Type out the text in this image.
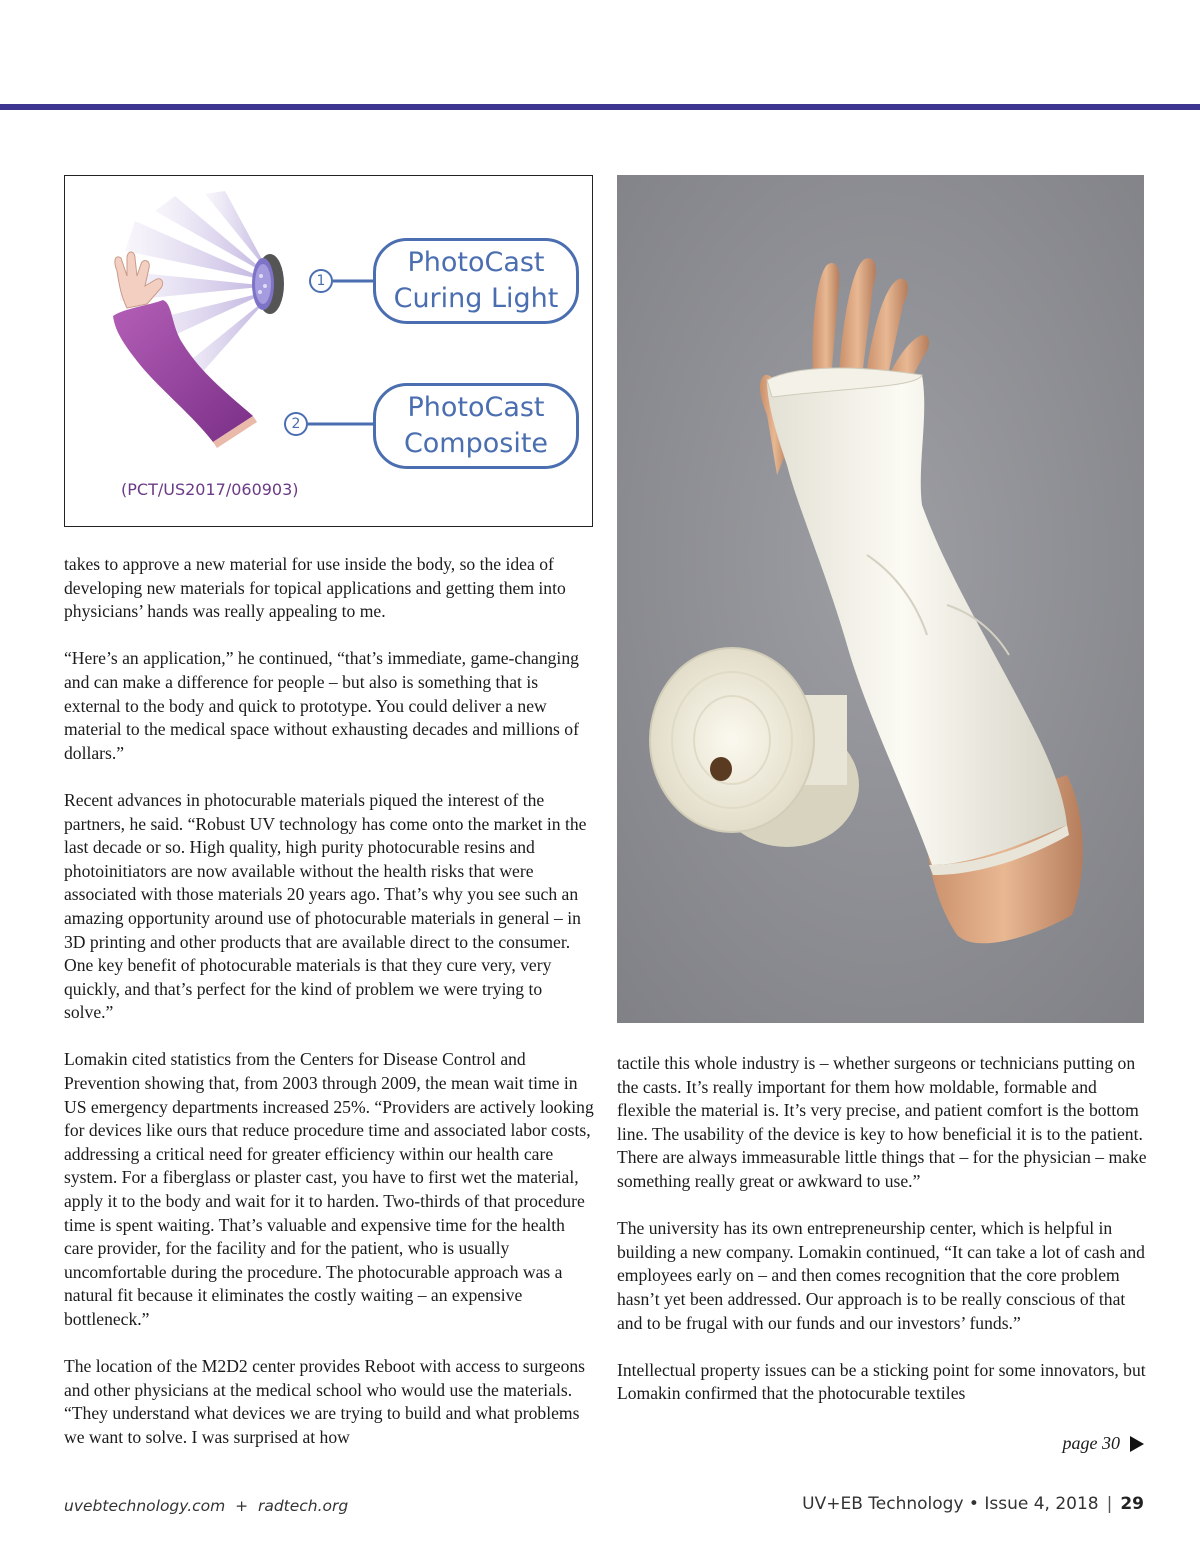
1
2
PhotoCast
Curing Light
PhotoCast
Composite
(PCT/US2017/060903)

takes to approve a new material for use inside the body, so the idea of developing new materials for topical applications and getting them into physicians’ hands was really appealing to me.

“Here’s an application,” he continued, “that’s immediate, game-changing and can make a difference for people – but also is something that is external to the body and quick to prototype. You could deliver a new material to the medical space without exhausting decades and millions of dollars.”

Recent advances in photocurable materials piqued the interest of the partners, he said. “Robust UV technology has come onto the market in the last decade or so. High quality, high purity photocurable resins and photoinitiators are now available without the health risks that were associated with those materials 20 years ago. That’s why you see such an amazing opportunity around use of photocurable materials in general – in 3D printing and other products that are available direct to the consumer. One key benefit of photocurable materials is that they cure very, very quickly, and that’s perfect for the kind of problem we were trying to solve.”

Lomakin cited statistics from the Centers for Disease Control and Prevention showing that, from 2003 through 2009, the mean wait time in US emergency departments increased 25%. “Providers are actively looking for devices like ours that reduce procedure time and associated labor costs, addressing a critical need for greater efficiency within our health care system. For a fiberglass or plaster cast, you have to first wet the material, apply it to the body and wait for it to harden. Two-thirds of that procedure time is spent waiting. That’s valuable and expensive time for the health care provider, for the facility and for the patient, who is usually uncomfortable during the procedure. The photocurable approach was a natural fit because it eliminates the costly waiting – an expensive bottleneck.”

The location of the M2D2 center provides Reboot with access to surgeons and other physicians at the medical school who would use the materials. “They understand what devices we are trying to build and what problems we want to solve. I was surprised at how

tactile this whole industry is – whether surgeons or technicians putting on the casts. It’s really important for them how moldable, formable and flexible the material is. It’s very precise, and patient comfort is the bottom line. The usability of the device is key to how beneficial it is to the patient. There are always immeasurable little things that – for the physician – make something really great or awkward to use.”

The university has its own entrepreneurship center, which is helpful in building a new company. Lomakin continued, “It can take a lot of cash and employees early on – and then comes recognition that the core problem hasn’t yet been addressed. Our approach is to be really conscious of that and to be frugal with our funds and our investors’ funds.”

Intellectual property issues can be a sticking point for some innovators, but Lomakin confirmed that the photocurable textiles

page 30
uvebtechnology.com  +  radtech.org	UV+EB Technology • Issue 4, 2018 | 29
